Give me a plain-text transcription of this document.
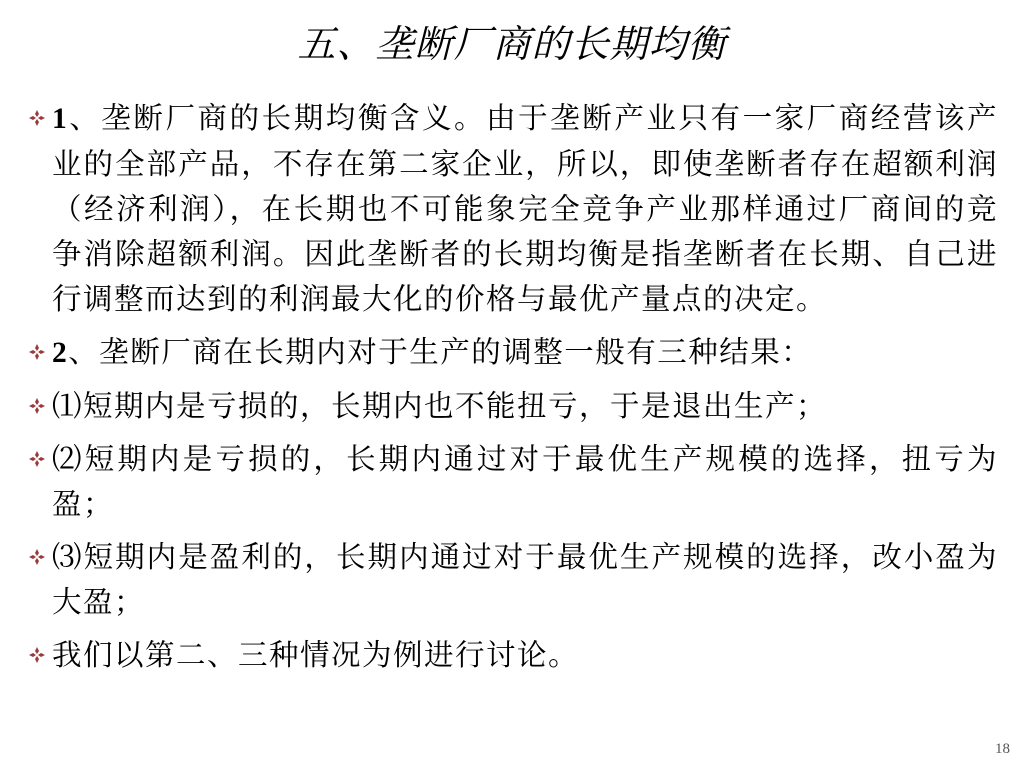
五、垄断厂商的长期均衡
1、垄断厂商的长期均衡含义。由于垄断产业只有一家厂商经营该产业的全部产品，不存在第二家企业，所以，即使垄断者存在超额利润（经济利润），在长期也不可能象完全竞争产业那样通过厂商间的竞争消除超额利润。因此垄断者的长期均衡是指垄断者在长期、自己进行调整而达到的利润最大化的价格与最优产量点的决定。
2、垄断厂商在长期内对于生产的调整一般有三种结果：
⑴短期内是亏损的，长期内也不能扭亏，于是退出生产；
⑵短期内是亏损的，长期内通过对于最优生产规模的选择，扭亏为盈；
⑶短期内是盈利的，长期内通过对于最优生产规模的选择，改小盈为大盈；
我们以第二、三种情况为例进行讨论。
18
